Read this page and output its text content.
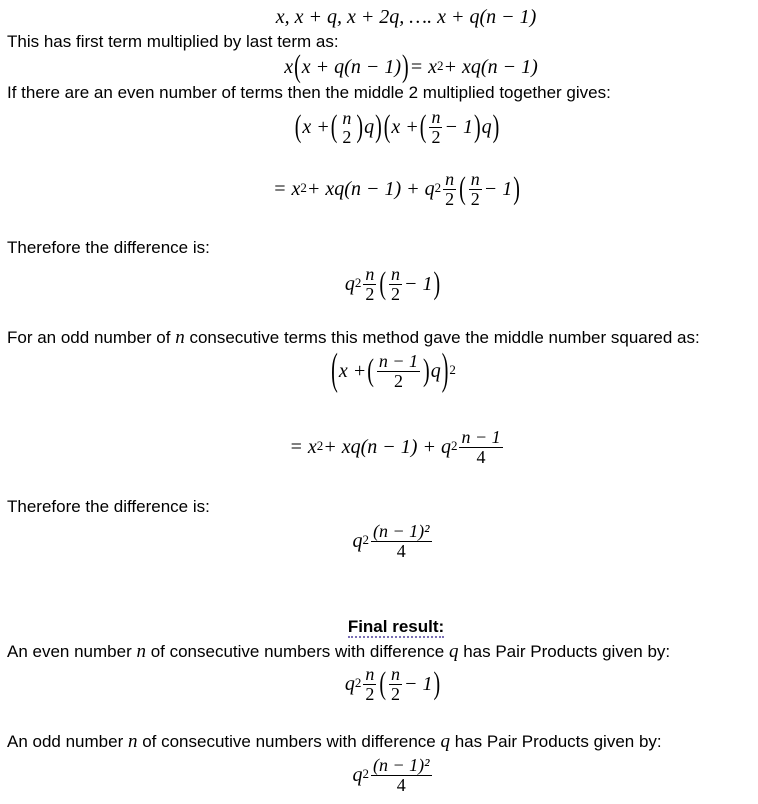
x, x + q, x + 2q, …. x + q(n − 1)
This has first term multiplied by last term as:
x ( x + q(n − 1) ) = $x^2 + xq(n - 1)$
If there are an even number of terms then the middle 2 multiplied together gives:
( x + ( n
2 ) q ) ( x + ( $\frac{n}{2} - 1$ ) q )
= $x^2 + xq(n - 1) + q^2 \frac{n}{2}$ ( $\frac{n}{2} - 1$ )
Therefore the difference is:
$q^2 \frac{n}{2}$ ( $\frac{n}{2} - 1$ )
For an odd number of n consecutive terms this method gave the middle number squared as:
( x + ( $\frac{n - 1}{2}$ ) q )$^2$
= $x^2 + xq(n - 1) + q^2 \frac{n - 1}{4}$
Therefore the difference is:
$q^2 \frac{\text{(n − 1)²}}{4}$
Final result:
An even number n of consecutive numbers with difference q has Pair Products given by:
$q^2 \frac{n}{2}$ ( $\frac{n}{2} - 1$ )
An odd number n of consecutive numbers with difference q has Pair Products given by:
$q^2 \frac{\text{(n − 1)²}}{4}$
